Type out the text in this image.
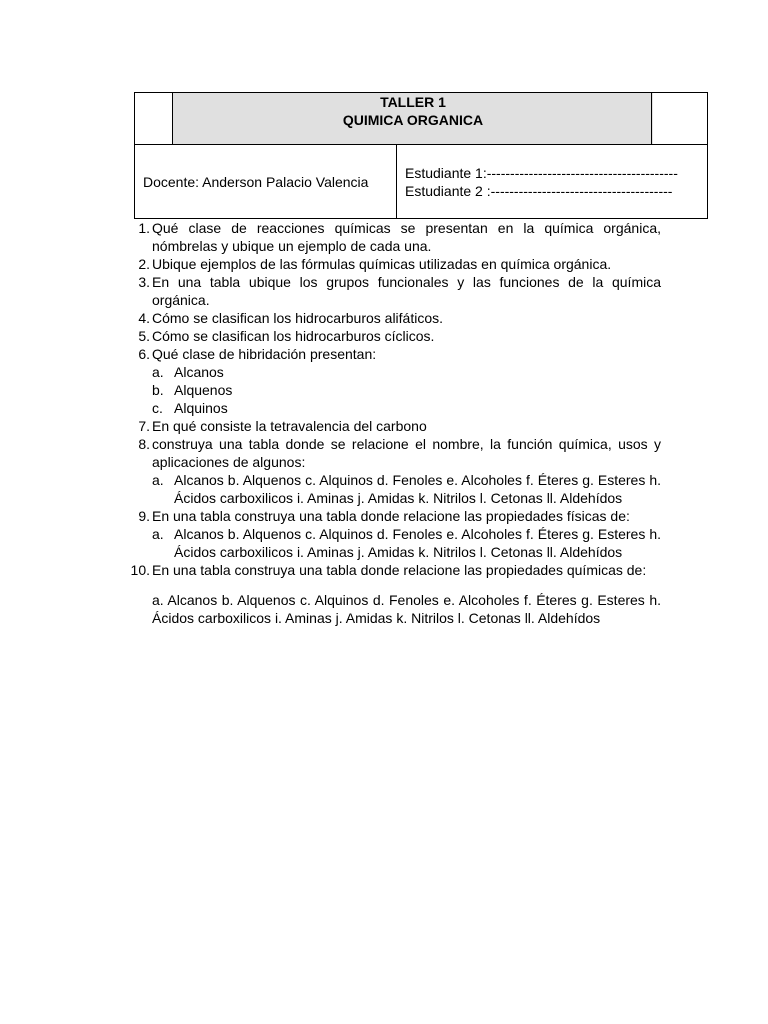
TALLER 1
QUIMICA ORGANICA
Docente: Anderson Palacio Valencia
Estudiante 1:-----------------------------------------
Estudiante 2 :---------------------------------------
1. Qué clase de reacciones químicas se presentan en la química orgánica, nómbrelas y ubique un ejemplo de cada una.
2. Ubique ejemplos de las fórmulas químicas utilizadas en química orgánica.
3. En una tabla ubique los grupos funcionales y las funciones de la química orgánica.
4. Cómo se clasifican los hidrocarburos alifáticos.
5. Cómo se clasifican los hidrocarburos cíclicos.
6. Qué clase de hibridación presentan:
a. Alcanos
b. Alquenos
c. Alquinos
7. En qué consiste la tetravalencia del carbono
8. construya una tabla donde se relacione el nombre, la función química, usos y aplicaciones de algunos:
a. Alcanos b. Alquenos c. Alquinos d. Fenoles e. Alcoholes f. Éteres g. Esteres h. Ácidos carboxilicos i. Aminas j. Amidas k. Nitrilos l. Cetonas ll. Aldehídos
9. En una tabla construya una tabla donde relacione las propiedades físicas de:
a. Alcanos b. Alquenos c. Alquinos d. Fenoles e. Alcoholes f. Éteres g. Esteres h. Ácidos carboxilicos i. Aminas j. Amidas k. Nitrilos l. Cetonas ll. Aldehídos
10. En una tabla construya una tabla donde relacione las propiedades químicas de:
a. Alcanos b. Alquenos c. Alquinos d. Fenoles e. Alcoholes f. Éteres g. Esteres h. Ácidos carboxilicos i. Aminas j. Amidas k. Nitrilos l. Cetonas ll. Aldehídos
